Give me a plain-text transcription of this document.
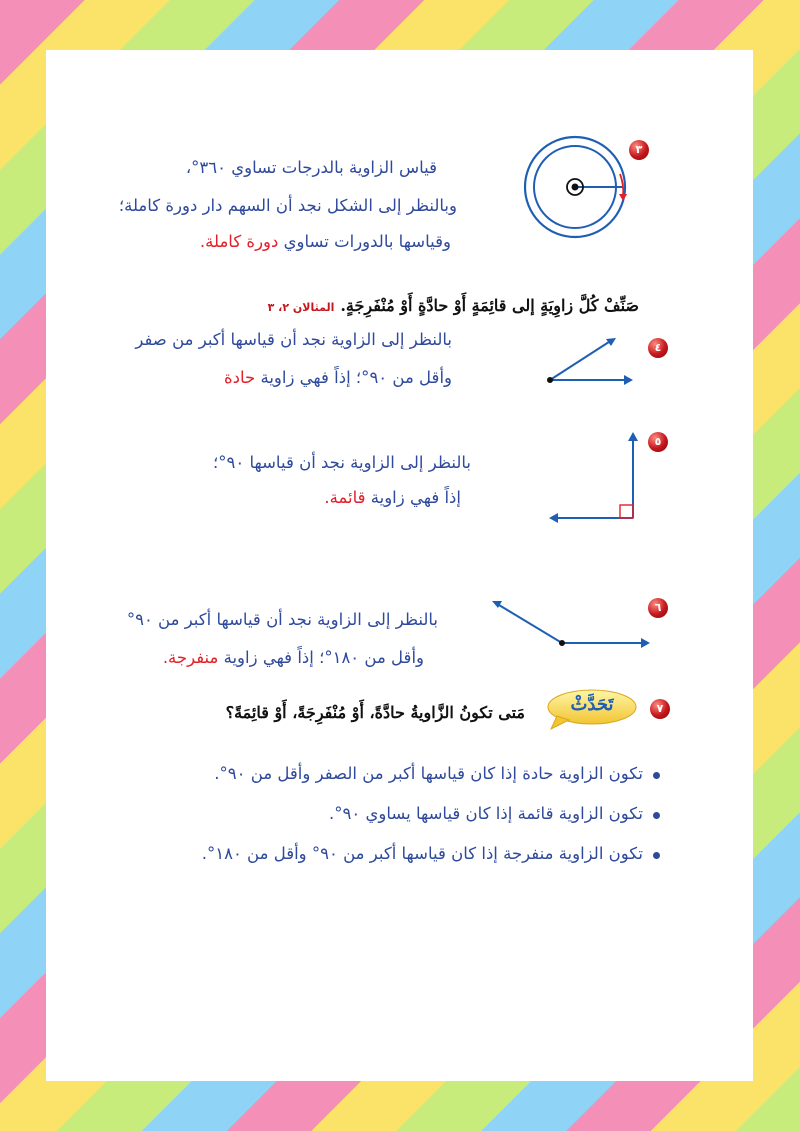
٣
قياس الزاوية بالدرجات تساوي ٣٦٠°،
وبالنظر إلى الشكل نجد أن السهم دار دورة كاملة؛
وقياسها بالدورات تساوي دورة كاملة.
صَنِّفْ كُلَّ زاوِيَةٍ إلى قائِمَةٍ أَوْ حادَّةٍ أَوْ مُنْفَرِجَةٍ.المثالان ٢، ٣
٤
بالنظر إلى الزاوية نجد أن قياسها أكبر من صفر
وأقل من ٩٠°؛ إذاً فهي زاوية حادة
٥
بالنظر إلى الزاوية نجد أن قياسها ٩٠°؛
إذاً فهي زاوية قائمة.
٦
بالنظر إلى الزاوية نجد أن قياسها أكبر من ٩٠°
وأقل من ١٨٠°؛ إذاً فهي زاوية منفرجة.
٧
تَحَدَّثْ
مَتى تكونُ الزَّاويةُ حادَّةً، أَوْ مُنْفَرِجَةً، أَوْ قائِمَةً؟
تكون الزاوية حادة إذا كان قياسها أكبر من الصفر وأقل من ٩٠°.
تكون الزاوية قائمة إذا كان قياسها يساوي ٩٠°.
تكون الزاوية منفرجة إذا كان قياسها أكبر من ٩٠° وأقل من ١٨٠°.
